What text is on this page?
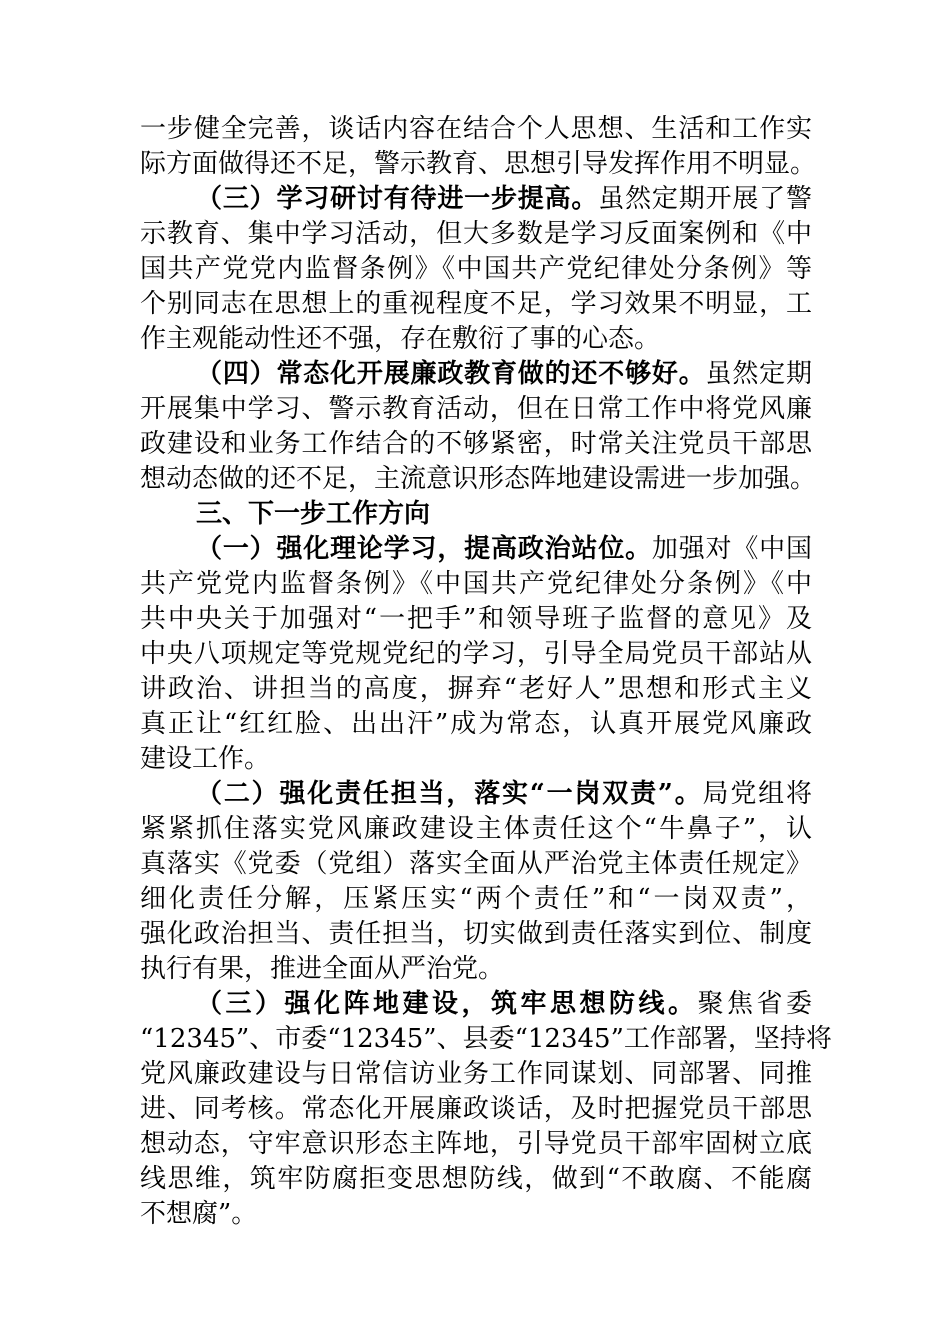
一步健全完善，谈话内容在结合个人思想、生活和工作实
际方面做得还不足，警示教育、思想引导发挥作用不明显。
（三）学习研讨有待进一步提高。虽然定期开展了警
示教育、集中学习活动，但大多数是学习反面案例和《中
国共产党党内监督条例》《中国共产党纪律处分条例》等
个别同志在思想上的重视程度不足，学习效果不明显，工
作主观能动性还不强，存在敷衍了事的心态。
（四）常态化开展廉政教育做的还不够好。虽然定期
开展集中学习、警示教育活动，但在日常工作中将党风廉
政建设和业务工作结合的不够紧密，时常关注党员干部思
想动态做的还不足，主流意识形态阵地建设需进一步加强。
三、下一步工作方向
（一）强化理论学习，提高政治站位。加强对《中国
共产党党内监督条例》《中国共产党纪律处分条例》《中
共中央关于加强对“一把手”和领导班子监督的意见》及
中央八项规定等党规党纪的学习，引导全局党员干部站从
讲政治、讲担当的高度，摒弃“老好人”思想和形式主义
真正让“红红脸、出出汗”成为常态，认真开展党风廉政
建设工作。
（二）强化责任担当，落实“一岗双责”。局党组将
紧紧抓住落实党风廉政建设主体责任这个“牛鼻子”，认
真落实《党委（党组）落实全面从严治党主体责任规定》
细化责任分解，压紧压实“两个责任”和“一岗双责”，
强化政治担当、责任担当，切实做到责任落实到位、制度
执行有果，推进全面从严治党。
（三）强化阵地建设，筑牢思想防线。聚焦省委
“12345”、市委“12345”、县委“12345”工作部署，坚持将
党风廉政建设与日常信访业务工作同谋划、同部署、同推
进、同考核。常态化开展廉政谈话，及时把握党员干部思
想动态，守牢意识形态主阵地，引导党员干部牢固树立底
线思维，筑牢防腐拒变思想防线，做到“不敢腐、不能腐
不想腐”。
